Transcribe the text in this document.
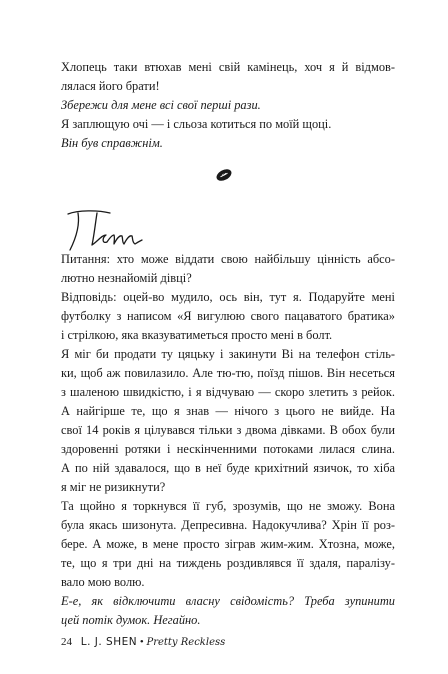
Хлопець таки втюхав мені свій камінець, хоч я й відмов-
лялася його брати!
Збережи для мене всі свої перші рази.
Я заплющую очі — і сльоза котиться по моїй щоці.
Він був справжнім.
Питання: хто може віддати свою найбільшу цінність абсо-
лютно незнайомій дівці?
Відповідь: оцей-во мудило, ось він, тут я. Подаруйте мені
футболку з написом «Я вигулюю свого пацаватого братика»
і стрілкою, яка вказуватиметься просто мені в болт.
Я міг би продати ту цяцьку і закинути Ві на телефон стіль-
ки, щоб аж повилазило. Але тю-тю, поїзд пішов. Він несеться
з шаленою швидкістю, і я відчуваю — скоро злетить з рейок.
А найгірше те, що я знав — нічого з цього не вийде. На
свої 14 років я цілувався тільки з двома дівками. В обох були
здоровенні ротяки і нескінченними потоками лилася слина.
А по ній здавалося, що в неї буде крихітний язичок, то хіба
я міг не ризикнути?
Та щойно я торкнувся її губ, зрозумів, що не зможу. Вона
була якась шизонута. Депресивна. Надокучлива? Хрін її роз-
бере. А може, в мене просто зіграв жим-жим. Хтозна, може,
те, що я три дні на тиждень роздивлявся її здаля, паралізу-
вало мою волю.
Е-е, як відключити власну свідомість? Треба зупинити
цей потік думок. Негайно.
24 L. J. SHEN • Pretty Reckless
